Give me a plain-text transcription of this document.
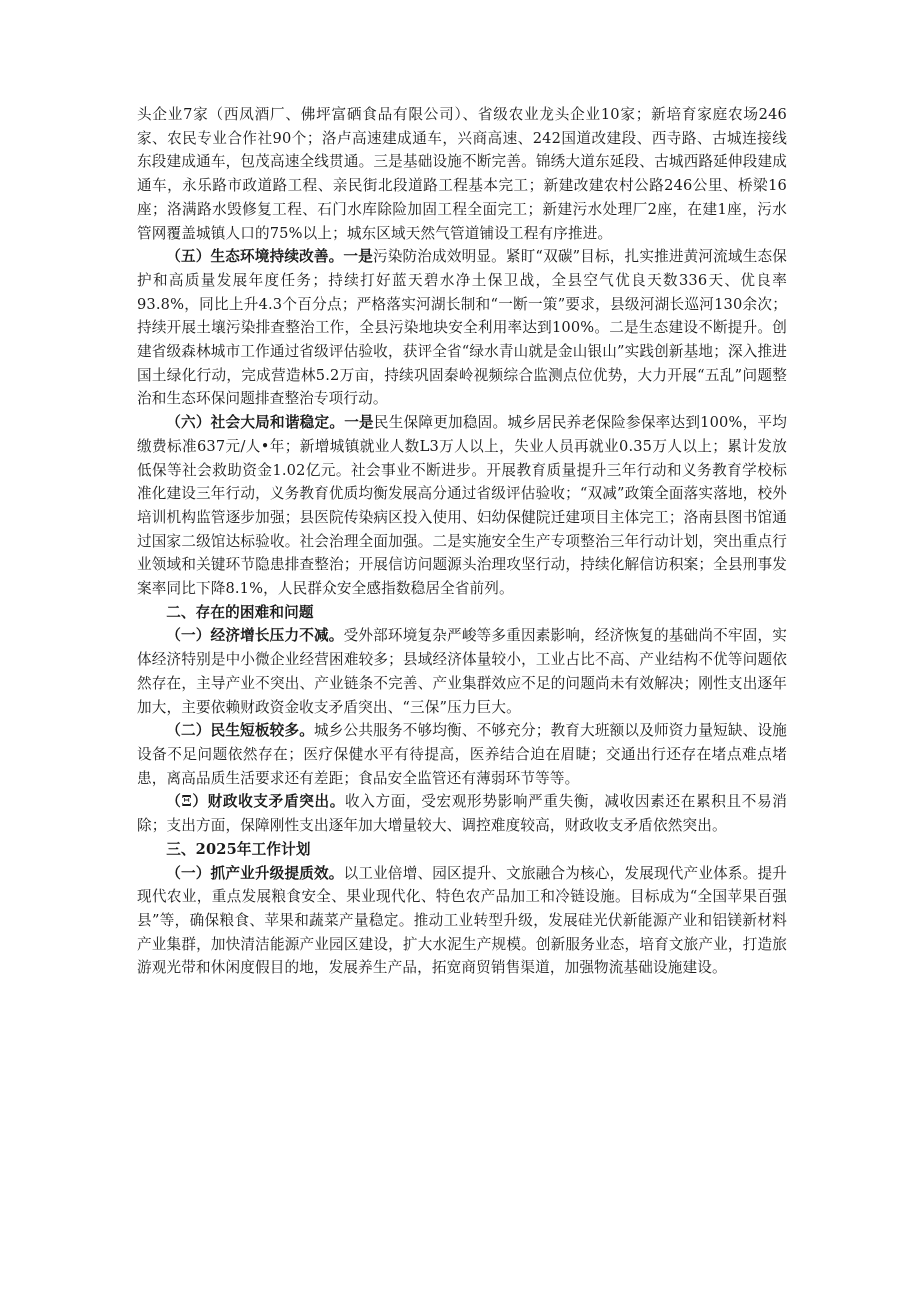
头企业7家（西凤酒厂、佛坪富硒食品有限公司）、省级农业龙头企业10家；新培育家庭农场246家、农民专业合作社90个；洛卢高速建成通车，兴商高速、242国道改建段、西寺路、古城连接线东段建成通车，包茂高速全线贯通。三是基础设施不断完善。锦绣大道东延段、古城西路延伸段建成通车，永乐路市政道路工程、亲民街北段道路工程基本完工；新建改建农村公路246公里、桥梁16座；洛满路水毁修复工程、石门水库除险加固工程全面完工；新建污水处理厂2座，在建1座，污水管网覆盖城镇人口的75%以上；城东区域天然气管道铺设工程有序推进。

（五）生态环境持续改善。一是污染防治成效明显。紧盯“双碳”目标，扎实推进黄河流域生态保护和高质量发展年度任务；持续打好蓝天碧水净土保卫战，全县空气优良天数336天、优良率93.8%，同比上升4.3个百分点；严格落实河湖长制和“一断一策”要求，县级河湖长巡河130余次；持续开展土壤污染排查整治工作，全县污染地块安全利用率达到100%。二是生态建设不断提升。创建省级森林城市工作通过省级评估验收，获评全省“绿水青山就是金山银山”实践创新基地；深入推进国土绿化行动，完成营造林5.2万亩，持续巩固秦岭视频综合监测点位优势，大力开展“五乱”问题整治和生态环保问题排查整治专项行动。

（六）社会大局和谐稳定。一是民生保障更加稳固。城乡居民养老保险参保率达到100%，平均缴费标准637元/人•年；新增城镇就业人数L3万人以上，失业人员再就业0.35万人以上；累计发放低保等社会救助资金1.02亿元。社会事业不断进步。开展教育质量提升三年行动和义务教育学校标准化建设三年行动，义务教育优质均衡发展高分通过省级评估验收；“双减”政策全面落实落地，校外培训机构监管逐步加强；县医院传染病区投入使用、妇幼保健院迁建项目主体完工；洛南县图书馆通过国家二级馆达标验收。社会治理全面加强。二是实施安全生产专项整治三年行动计划，突出重点行业领域和关键环节隐患排查整治；开展信访问题源头治理攻坚行动，持续化解信访积案；全县刑事发案率同比下降8.1%，人民群众安全感指数稳居全省前列。

二、存在的困难和问题

（一）经济增长压力不减。受外部环境复杂严峻等多重因素影响，经济恢复的基础尚不牢固，实体经济特别是中小微企业经营困难较多；县域经济体量较小，工业占比不高、产业结构不优等问题依然存在，主导产业不突出、产业链条不完善、产业集群效应不足的问题尚未有效解决；刚性支出逐年加大，主要依赖财政资金收支矛盾突出、“三保”压力巨大。

（二）民生短板较多。城乡公共服务不够均衡、不够充分；教育大班额以及师资力量短缺、设施设备不足问题依然存在；医疗保健水平有待提高，医养结合迫在眉睫；交通出行还存在堵点难点堵患，离高品质生活要求还有差距；食品安全监管还有薄弱环节等等。

（Ξ）财政收支矛盾突出。收入方面，受宏观形势影响严重失衡，减收因素还在累积且不易消除；支出方面，保障刚性支出逐年加大增量较大、调控难度较高，财政收支矛盾依然突出。

三、2025年工作计划

（一）抓产业升级提质效。以工业倍增、园区提升、文旅融合为核心，发展现代产业体系。提升现代农业，重点发展粮食安全、果业现代化、特色农产品加工和冷链设施。目标成为“全国苹果百强县”等，确保粮食、苹果和蔬菜产量稳定。推动工业转型升级，发展硅光伏新能源产业和铝镁新材料产业集群，加快清洁能源产业园区建设，扩大水泥生产规模。创新服务业态，培育文旅产业，打造旅游观光带和休闲度假目的地，发展养生产品，拓宽商贸销售渠道，加强物流基础设施建设。
